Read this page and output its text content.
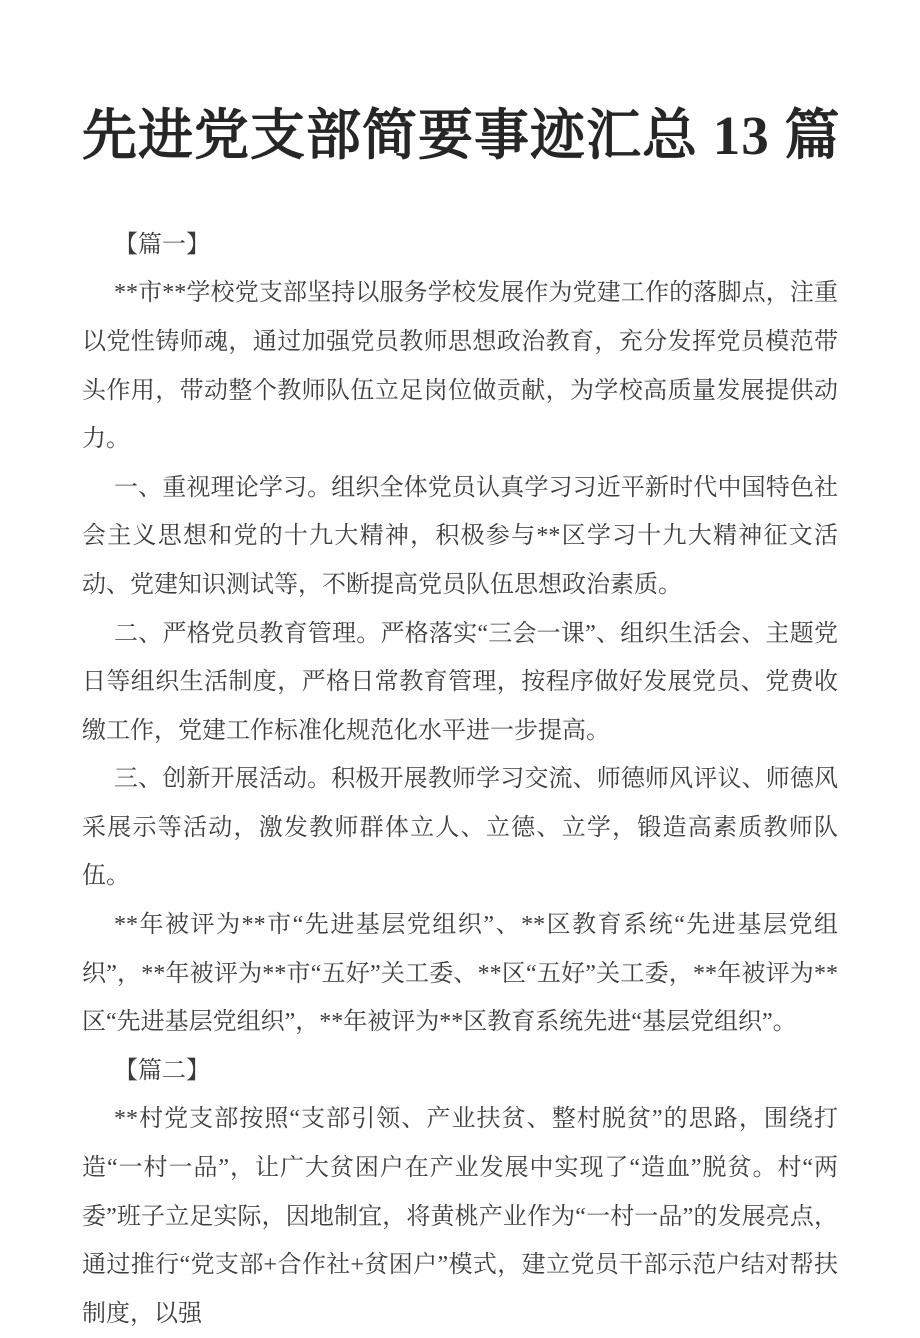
先进党支部简要事迹汇总 13 篇

【篇一】

**市**学校党支部坚持以服务学校发展作为党建工作的落脚点，注重以党性铸师魂，通过加强党员教师思想政治教育，充分发挥党员模范带头作用，带动整个教师队伍立足岗位做贡献，为学校高质量发展提供动力。

一、重视理论学习。组织全体党员认真学习习近平新时代中国特色社会主义思想和党的十九大精神，积极参与**区学习十九大精神征文活动、党建知识测试等，不断提高党员队伍思想政治素质。

二、严格党员教育管理。严格落实“三会一课”、组织生活会、主题党日等组织生活制度，严格日常教育管理，按程序做好发展党员、党费收缴工作，党建工作标准化规范化水平进一步提高。

三、创新开展活动。积极开展教师学习交流、师德师风评议、师德风采展示等活动，激发教师群体立人、立德、立学，锻造高素质教师队伍。

**年被评为**市“先进基层党组织”、**区教育系统“先进基层党组织”，**年被评为**市“五好”关工委、**区“五好”关工委，**年被评为**区“先进基层党组织”，**年被评为**区教育系统先进“基层党组织”。

【篇二】

**村党支部按照“支部引领、产业扶贫、整村脱贫”的思路，围绕打造“一村一品”，让广大贫困户在产业发展中实现了“造血”脱贫。村“两委”班子立足实际，因地制宜，将黄桃产业作为“一村一品”的发展亮点，通过推行“党支部+合作社+贫困户”模式，建立党员干部示范户结对帮扶制度，以强
